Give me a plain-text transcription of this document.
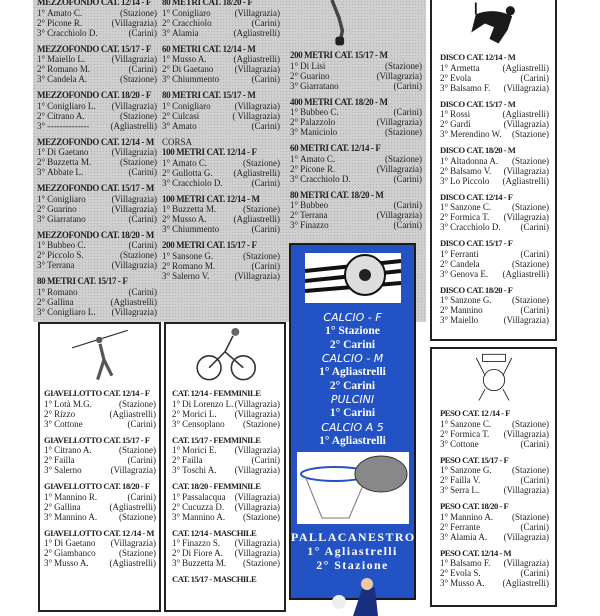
MEZZOFONDO CAT. 12/14 - F
1° Amato C.	(Stazione)
2° Picone R.	(Villagrazia)
3° Cracchiolo D.	(Carini)
MEZZOFONDO CAT. 15/17 - F
1° Maiello L.	(Villagrazia)
2° Romano M.	(Carini)
3° Candela A.	(Stazione)
MEZZOFONDO CAT. 18/20 - F
1° Conigliaro L.	(Villagrazia)
2° Citrano A.	(Stazione)
3° --------------	(Agliastrelli)
MEZZOFONDO CAT. 12/14 - M
1° Di Gaetano	(Villagrazia)
2° Buzzetta M.	(Stazione)
3° Abbate L.	(Carini)
MEZZOFONDO CAT. 15/17 - M
1° Conigliaro	(Villagrazia)
2° Guarino	(Villagrazia)
3° Giarratano	(Carini)
MEZZOFONDO CAT. 18/20 - M
1° Bubbeo C.	(Carini)
2° Piccolo S.	(Stazione)
3° Terrana	(Villagrazia)
80 METRI CAT. 15/17 - F
1° Romano	(Carini)
2° Gallina	(Agliastrelli)
3° Conigliaro L.	(Villagrazia)
80 METRI CAT. 18/20 - F
1° Conigliaro	(Villagrazia)
2° Cracchiolo	(Carini)
3° Alamia	(Agliastrelli)
60 METRI CAT. 12/14 - M
1° Musso A.	(Agliastrelli)
2° Di Gaetano	(Villagrazia)
3° Chiummento	(Carini)
80 METRI CAT. 15/17 - M
1° Conigliaro	(Villagrazia)
2° Culcasi	( Villagrazia)
3° Amato	(Carini)
CORSA
100 METRI CAT. 12/14 - F
1° Amato C.	(Stazione)
2° Gullotta G.	(Agliastrelli)
3° Cracchiolo D.	(Carini)
100 METRI CAT. 12/14 - M
1° Buzzetta M.	(Stazione)
2° Musso A.	(Agliastrelli)
3° Chiummento	(Carini)
200 METRI CAT. 15/17 - F
1° Sansone G.	(Stazione)
2° Romano M.	(Carini)
3° Salerno V.	(Villagrazia)
200 METRI CAT. 15/17 - M
1° Di Lisi	(Stazione)
2° Guarino	(Villagrazia)
3° Giarratano	(Carini)
400 METRI CAT. 18/20 - M
1° Bubbeo C.	(Carini)
2° Palazzolo	(Villagrazia)
3° Maniciolo	(Stazione)
60 METRI CAT. 12/14 - F
1° Amato C.	(Stazione)
2° Picone R.	(Villagrazia)
3° Cracchiolo D.	(Carini)
80 METRI CAT. 18/20 - M
1° Bubbeo	(Carini)
2° Terrana	(Villagrazia)
3° Finazzo	(Carini)
DISCO CAT. 12/14 - M
1° Armetta	(Agliastrelli)
2° Evola	(Carini)
3° Balsamo F.	(Villagrazia)
DISCO CAT. 15/17 - M
1° Rossi	(Agliastrelli)
2° Gardi	(Villagrazia)
3° Merendino W.	(Stazione)
DISCO CAT. 18/20 - M
1° Altadonna A.	(Stazione)
2° Balsamo V.	(Villagrazia)
3° Lo Piccolo	(Agliastrelli)
DISCO CAT. 12/14 - F
1° Sanzone C.	(Stazione)
2° Formica T.	(Villagrazia)
3° Cracchiolo D.	(Carini)
DISCO CAT. 15/17 - F
1° Ferranti	(Carini)
2° Candela	(Stazione)
3° Genova E.	(Agliastrelli)
DISCO CAT. 18/20 - F
1° Sanzone G.	(Stazione)
2° Mannino	(Carini)
3° Maiello	(Villagrazia)
PESO CAT. 12 /14 - F
1° Sanzone C.	(Stazione)
2° Formica T.	(Villagrazia)
3° Cottone	(Carini)
PESO CAT. 15/17 - F
1° Sanzone G.	(Stazione)
2° Failla V.	(Carini)
3° Serra L.	(Villagrazia)
PESO CAT. 18/20 - F
1° Mannino A.	(Stazione)
2° Ferrante	(Carini)
3° Alamia A.	(Villagrazia)
PESO CAT. 12/14 - M
1° Balsamo F.	(Villagrazia)
2° Evola S.	(Carini)
3° Musso A.	(Agliastrelli)
GIAVELLOTTO CAT. 12/14 - F
1° Lotà M.G.	(Stazione)
2° Rizzo	(Agliastrelli)
3° Cottone	(Carini)
GIAVELLOTTO CAT. 15/17 - F
1° Citrano A.	(Stazione)
2° Failla	(Carini)
3° Salerno	(Villagrazia)
GIAVELLOTTO CAT. 18/20 - F
1° Mannino R.	(Carini)
2° Gallina	(Agliastrelli)
3° Mannino A.	(Stazione)
GIAVELLOTTO CAT. 12 /14 - M
1° Di Gaetano	(Villagrazia)
2° Giambanco	(Stazione)
3° Musso A.	(Agliastrelli)
CAT. 12/14 - FEMMINILE
1° Di Lorenzo L. (Villagrazia)
2° Morici L.	(Villagrazia)
3° Censoplano	(Stazione)
CAT. 15/17 - FEMMINILE
1° Morici E.	(Villagrazia)
2° Failla	(Carini)
3° Toschi A.	(Villagrazia)
CAT. 18/20 - FEMMINILE
1° Passalacqua (Villagrazia)
2° Cucuzza D.	(Villagrazia)
3° Mannino A.	(Stazione)
CAT. 12/14 - MASCHILE
1° Finazzo S.	(Villagrazia)
2° Di Fiore A.	(Villagrazia)
3° Buzzetta M.	(Stazione)
CAT. 15/17 - MASCHILE
CALCIO - F
1° Stazione
2° Carini
CALCIO - M
1° Agliastrelli
2° Carini
PULCINI
1° Carini
CALCIO A 5
1° Agliastrelli
PALLACANESTRO
1° Agliastrelli
2° Stazione
